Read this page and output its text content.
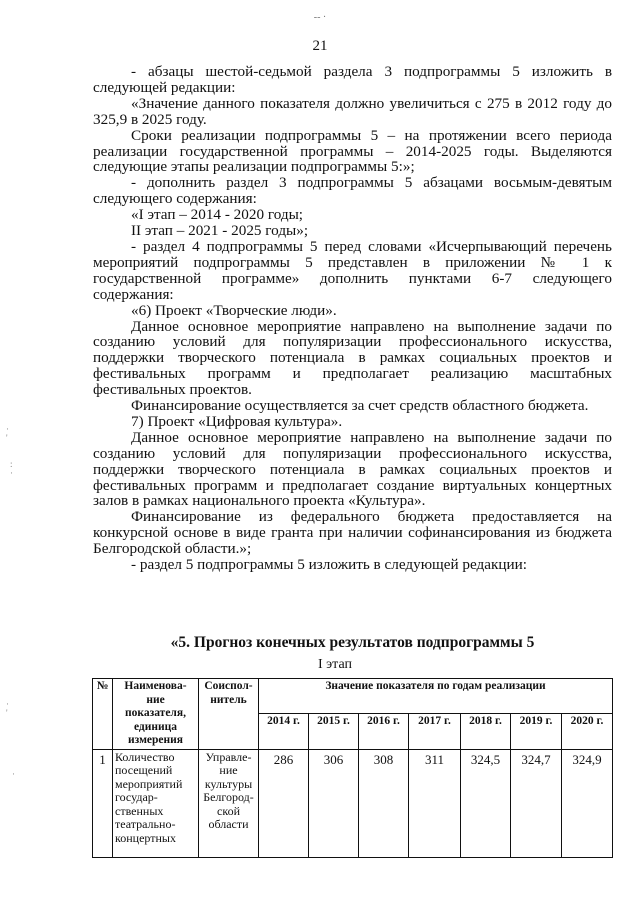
-- ·
21

- абзацы шестой-седьмой раздела 3 подпрограммы 5 изложить в следующей редакции:

«Значение данного показателя должно увеличиться с 275 в 2012 году до 325,9 в 2025 году.

Сроки реализации подпрограммы 5 – на протяжении всего периода реализации государственной программы – 2014-2025 годы. Выделяются следующие этапы реализации подпрограммы 5:»;

- дополнить раздел 3 подпрограммы 5 абзацами восьмым-девятым следующего содержания:

«I этап – 2014 - 2020 годы;

II этап – 2021 - 2025 годы»;

- раздел 4 подпрограммы 5 перед словами «Исчерпывающий перечень мероприятий подпрограммы 5 представлен в приложении № 1 к государственной программе» дополнить пунктами 6-7 следующего содержания:

«6) Проект «Творческие люди».

Данное основное мероприятие направлено на выполнение задачи по созданию условий для популяризации профессионального искусства, поддержки творческого потенциала в рамках социальных проектов и фестивальных программ и предполагает реализацию масштабных фестивальных проектов.

Финансирование осуществляется за счет средств областного бюджета.

7) Проект «Цифровая культура».

Данное основное мероприятие направлено на выполнение задачи по созданию условий для популяризации профессионального искусства, поддержки творческого потенциала в рамках социальных проектов и фестивальных программ и предполагает создание виртуальных концертных залов в рамках национального проекта «Культура».

Финансирование из федерального бюджета предоставляется на конкурсной основе в виде гранта при наличии софинансирования из бюджета Белгородской области.»;

- раздел 5 подпрограммы 5 изложить в следующей редакции:

«5. Прогноз конечных результатов подпрограммы 5
I этап
№	Наименова- ние показателя, единица измерения	Соиспол- нитель	Значение показателя по годам реализации						
			2014 г.	2015 г.	2016 г.	2017 г.	2018 г.	2019 г.	2020 г.
1	Количество посещений мероприятий государ- ственных театрально- концертных	Управле- ние культуры Белгород- ской области	286	306	308	311	324,5	324,7	324,9
·
'
:
·
·
'
·
